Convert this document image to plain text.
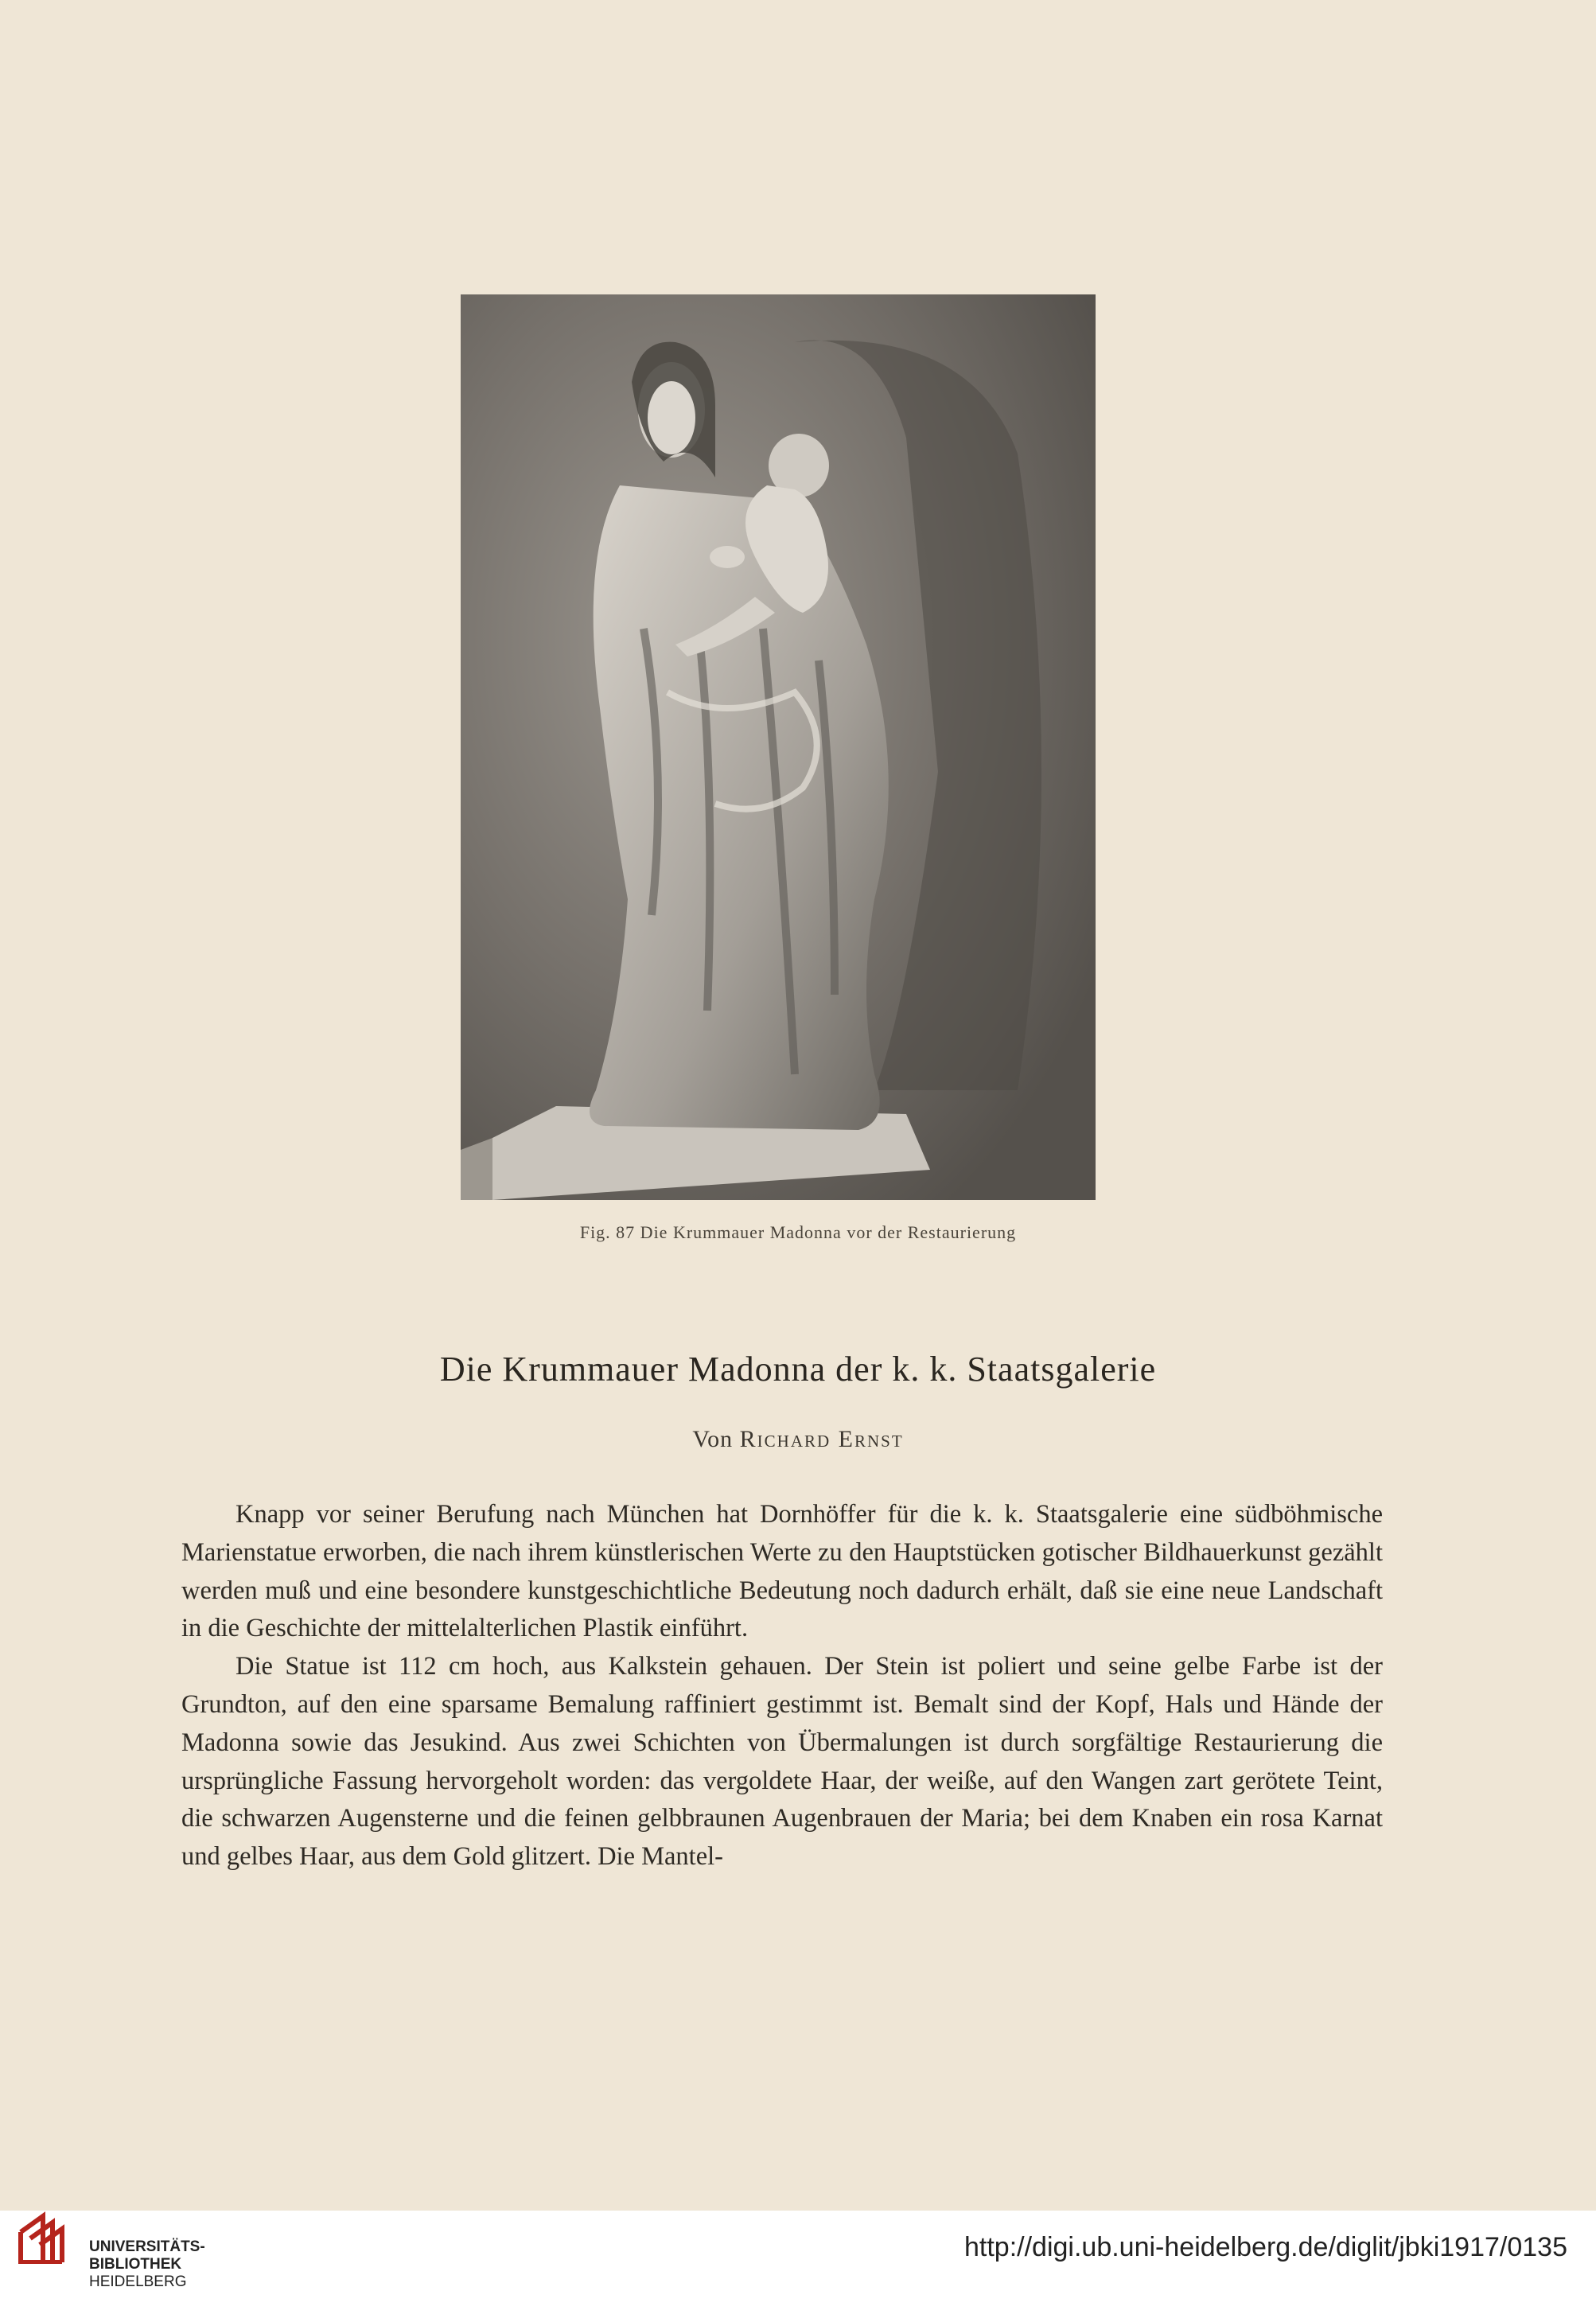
Fig. 87 Die Krummauer Madonna vor der Restaurierung
Die Krummauer Madonna der k. k. Staatsgalerie
Von Richard Ernst

Knapp vor seiner Berufung nach München hat Dornhöffer für die k. k. Staatsgalerie eine südböhmische Marienstatue erworben, die nach ihrem künstlerischen Werte zu den Hauptstücken gotischer Bildhauerkunst gezählt werden muß und eine besondere kunstgeschichtliche Bedeutung noch dadurch erhält, daß sie eine neue Landschaft in die Geschichte der mittelalterlichen Plastik einführt.

Die Statue ist 112 cm hoch, aus Kalkstein gehauen. Der Stein ist poliert und seine gelbe Farbe ist der Grundton, auf den eine sparsame Bemalung raffiniert gestimmt ist. Bemalt sind der Kopf, Hals und Hände der Madonna sowie das Jesukind. Aus zwei Schichten von Übermalungen ist durch sorgfältige Restaurierung die ursprüngliche Fassung hervorgeholt worden: das vergoldete Haar, der weiße, auf den Wangen zart gerötete Teint, die schwarzen Augensterne und die feinen gelbbraunen Augenbrauen der Maria; bei dem Knaben ein rosa Karnat und gelbes Haar, aus dem Gold glitzert. Die Mantel-

UNIVERSITÄTS-
BIBLIOTHEK
HEIDELBERG
http://digi.ub.uni-heidelberg.de/diglit/jbki1917/0135
